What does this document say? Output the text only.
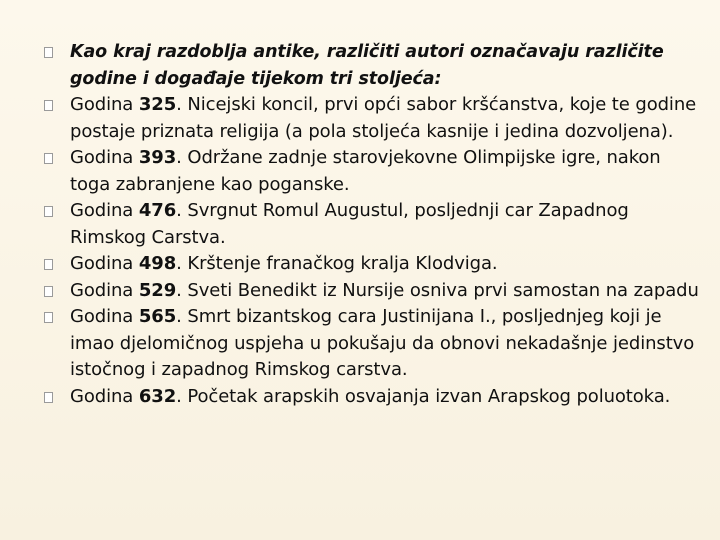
Kao kraj razdoblja antike, različiti autori označavaju različite godine i događaje tijekom tri stoljeća:
Godina 325. Nicejski koncil, prvi opći sabor kršćanstva, koje te godine postaje priznata religija (a pola stoljeća kasnije i jedina dozvoljena).
Godina 393. Održane zadnje starovjekovne Olimpijske igre, nakon toga zabranjene kao poganske.
Godina 476. Svrgnut Romul Augustul, posljednji car Zapadnog Rimskog Carstva.
Godina 498. Krštenje franačkog kralja Klodviga.
Godina 529. Sveti Benedikt iz Nursije osniva prvi samostan na zapadu
Godina 565. Smrt bizantskog cara Justinijana I., posljednjeg koji je imao djelomičnog uspjeha u pokušaju da obnovi nekadašnje jedinstvo istočnog i zapadnog Rimskog carstva.
Godina 632. Početak arapskih osvajanja izvan Arapskog poluotoka.
